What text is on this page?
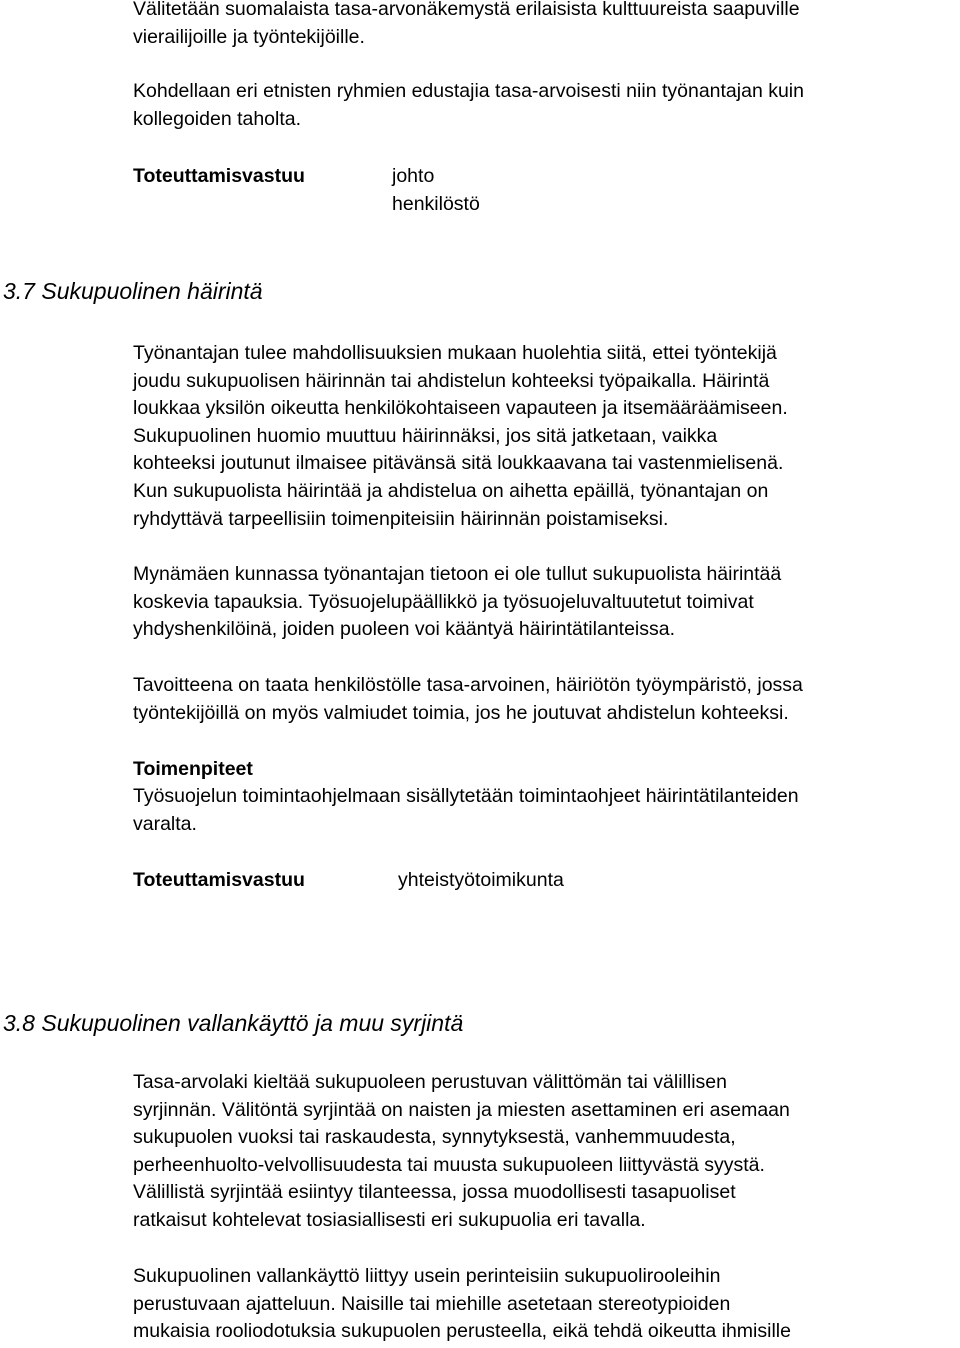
Välitetään suomalaista tasa-arvonäkemystä erilaisista kulttuureista saapuville
vierailijoille ja työntekijöille.

Kohdellaan eri etnisten ryhmien edustajia tasa-arvoisesti niin työnantajan kuin
kollegoiden taholta.

Toteuttamisvastuu	johto
henkilöstö
3.7 Sukupuolinen häirintä

Työnantajan tulee mahdollisuuksien mukaan huolehtia siitä, ettei työntekijä
joudu sukupuolisen häirinnän tai ahdistelun kohteeksi työpaikalla. Häirintä
loukkaa yksilön oikeutta henkilökohtaiseen vapauteen ja itsemääräämiseen.
Sukupuolinen huomio muuttuu häirinnäksi, jos sitä jatketaan, vaikka
kohteeksi joutunut ilmaisee pitävänsä sitä loukkaavana tai vastenmielisenä.
Kun sukupuolista häirintää ja ahdistelua on aihetta epäillä, työnantajan on
ryhdyttävä tarpeellisiin toimenpiteisiin häirinnän poistamiseksi.

Mynämäen kunnassa työnantajan tietoon ei ole tullut sukupuolista häirintää
koskevia tapauksia. Työsuojelupäällikkö ja työsuojeluvaltuutetut toimivat
yhdyshenkilöinä, joiden puoleen voi kääntyä häirintätilanteissa.

Tavoitteena on taata henkilöstölle tasa-arvoinen, häiriötön työympäristö, jossa
työntekijöillä on myös valmiudet toimia, jos he joutuvat ahdistelun kohteeksi.

Toimenpiteet

Työsuojelun toimintaohjelmaan sisällytetään toimintaohjeet häirintätilanteiden
varalta.

Toteuttamisvastuu	yhteistyötoimikunta
3.8 Sukupuolinen vallankäyttö ja muu syrjintä

Tasa-arvolaki kieltää sukupuoleen perustuvan välittömän tai välillisen
syrjinnän. Välitöntä syrjintää on naisten ja miesten asettaminen eri asemaan
sukupuolen vuoksi tai raskaudesta, synnytyksestä, vanhemmuudesta,
perheenhuolto-velvollisuudesta tai muusta sukupuoleen liittyvästä syystä.
Välillistä syrjintää esiintyy tilanteessa, jossa muodollisesti tasapuoliset
ratkaisut kohtelevat tosiasiallisesti eri sukupuolia eri tavalla.

Sukupuolinen vallankäyttö liittyy usein perinteisiin sukupuolirooleihin
perustuvaan ajatteluun. Naisille tai miehille asetetaan stereotypioiden
mukaisia rooliodotuksia sukupuolen perusteella, eikä tehdä oikeutta ihmisille
